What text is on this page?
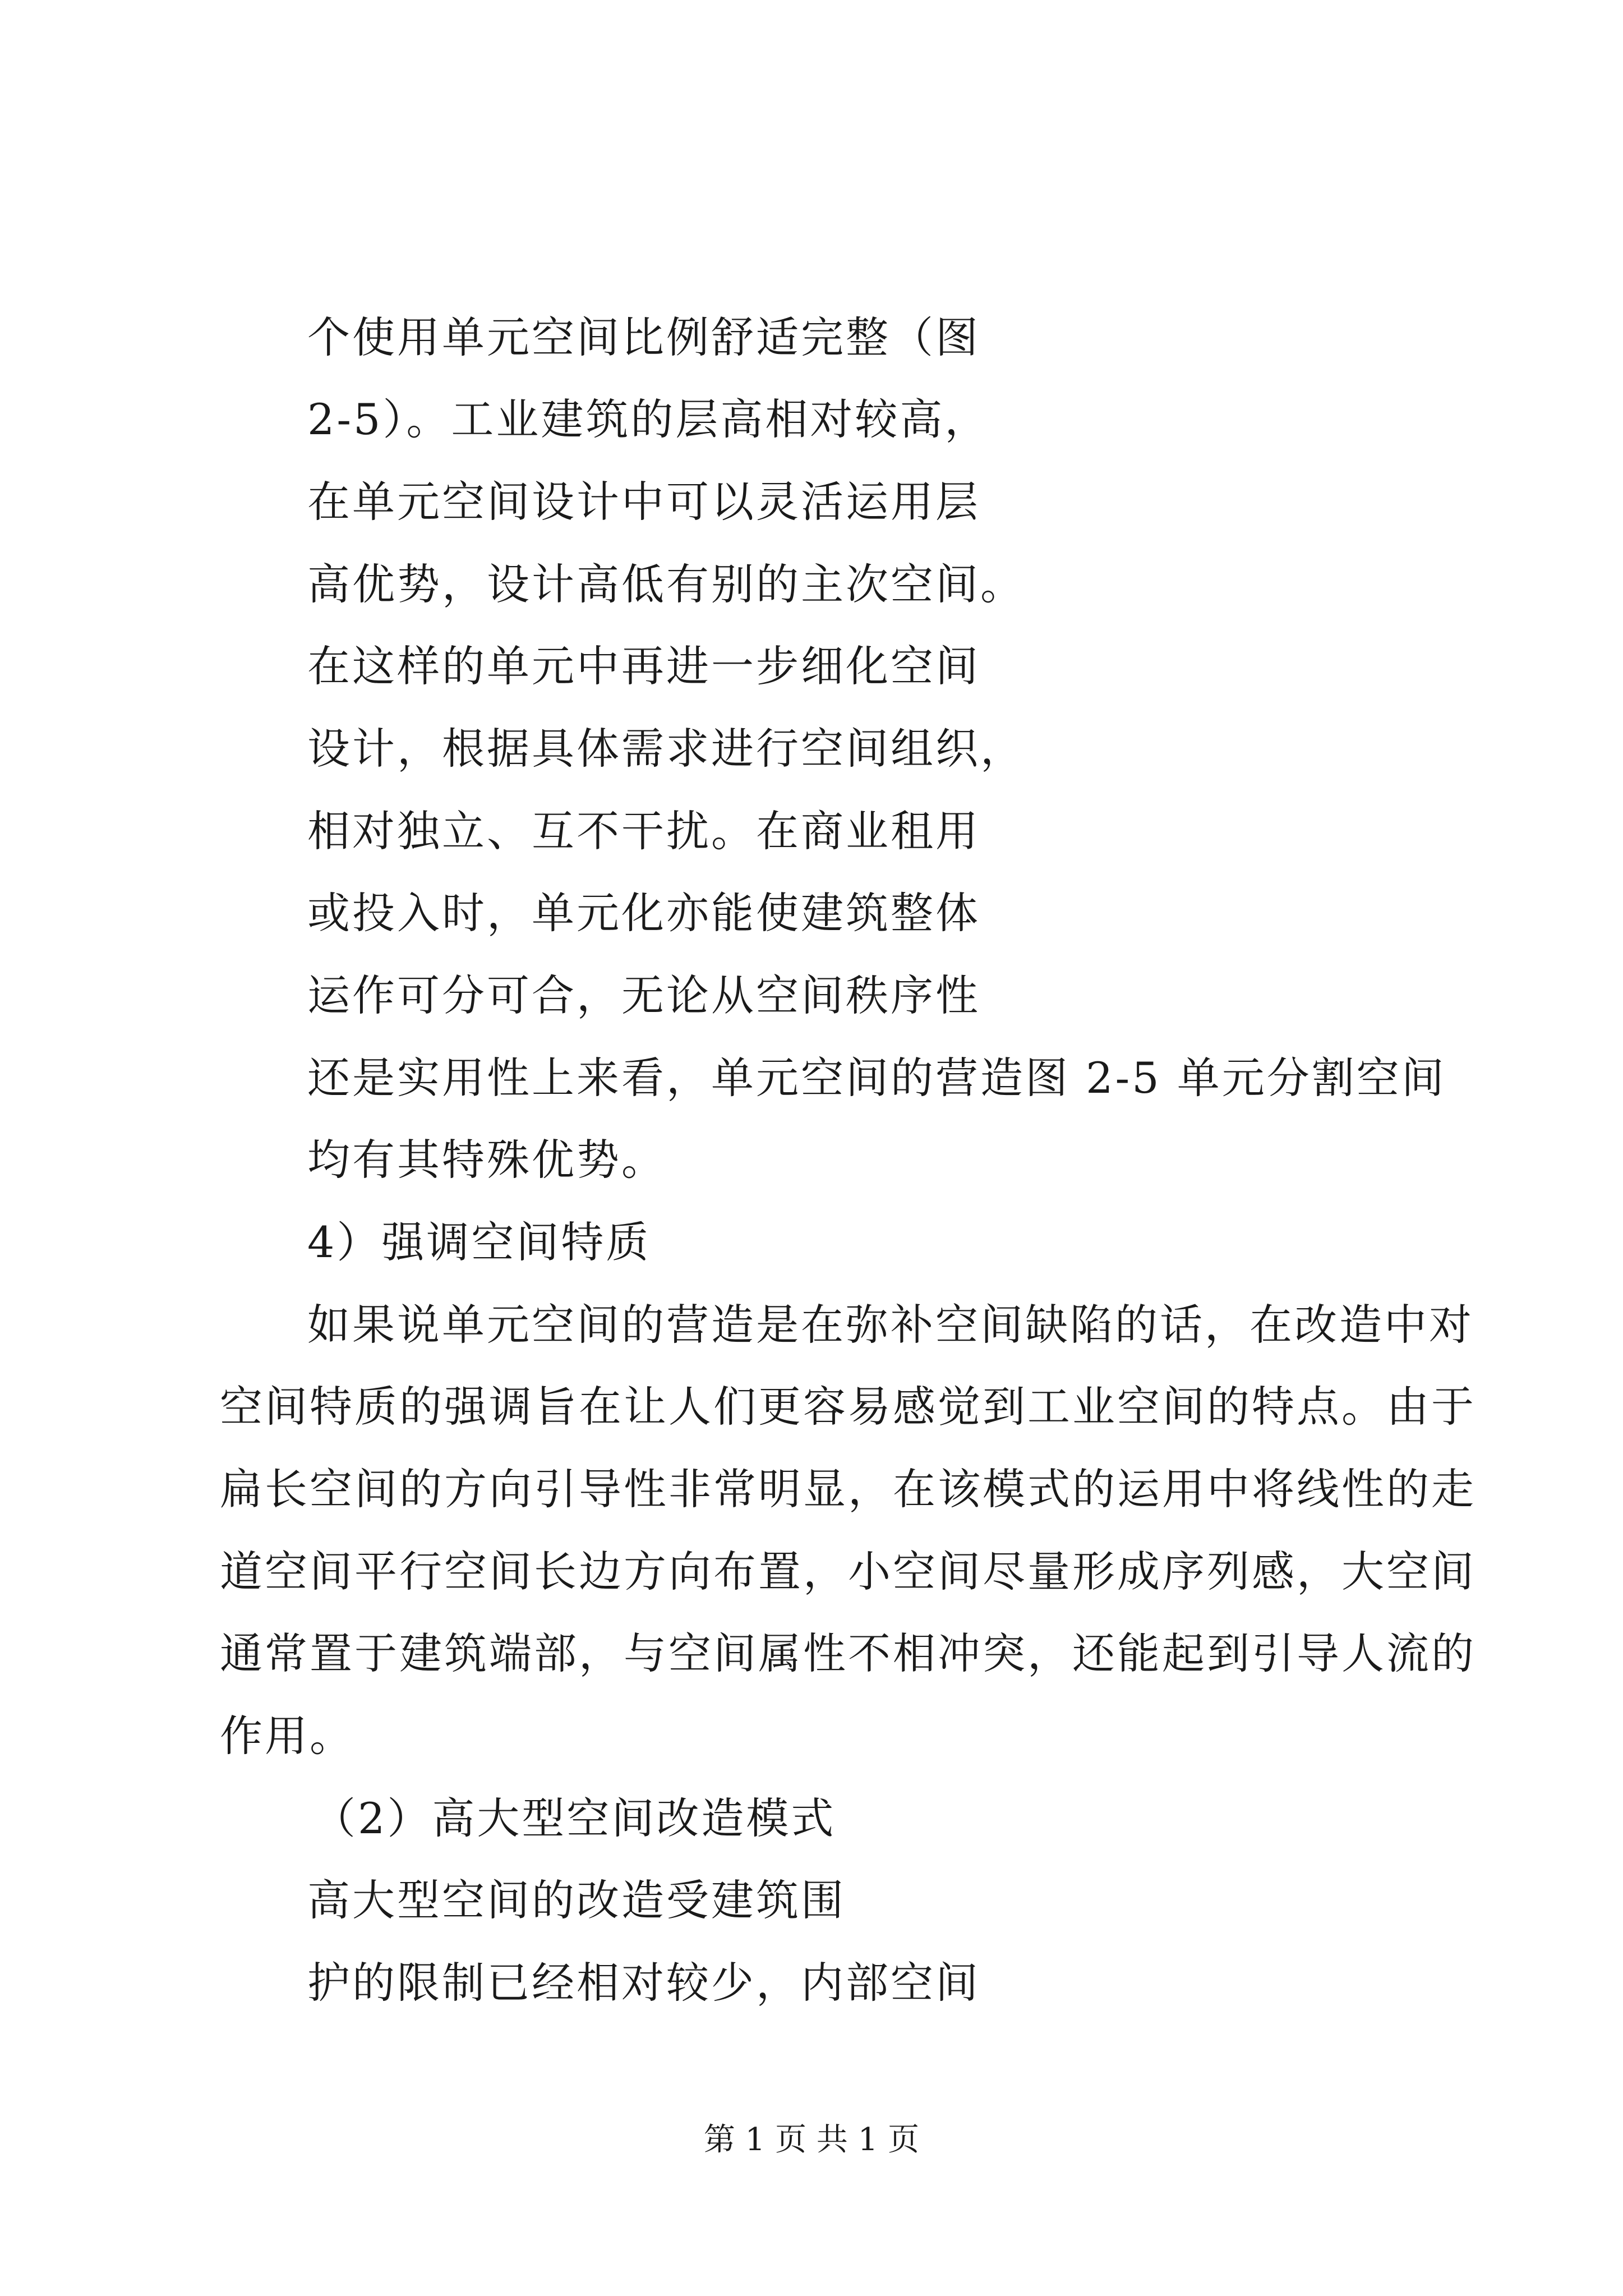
个使用单元空间比例舒适完整（图
2-5）。工业建筑的层高相对较高，
在单元空间设计中可以灵活运用层
高优势，设计高低有别的主次空间。
在这样的单元中再进一步细化空间
设计，根据具体需求进行空间组织，
相对独立、互不干扰。在商业租用
或投入时，单元化亦能使建筑整体
运作可分可合，无论从空间秩序性
还是实用性上来看，单元空间的营造图 2-5 单元分割空间
均有其特殊优势。
4）强调空间特质
如果说单元空间的营造是在弥补空间缺陷的话，在改造中对
空间特质的强调旨在让人们更容易感觉到工业空间的特点。由于
扁长空间的方向引导性非常明显，在该模式的运用中将线性的走
道空间平行空间长边方向布置，小空间尽量形成序列感，大空间
通常置于建筑端部，与空间属性不相冲突，还能起到引导人流的
作用。
（2）高大型空间改造模式
高大型空间的改造受建筑围
护的限制已经相对较少，内部空间
第 1 页 共 1 页
